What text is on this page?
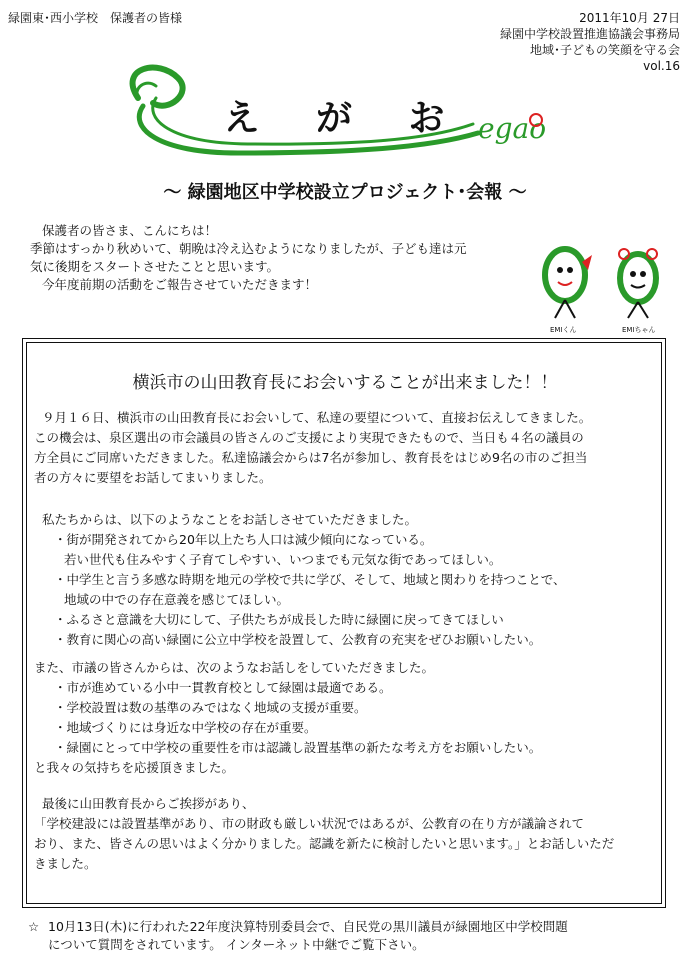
緑園東･西小学校　保護者の皆様	2011年10月 27日
緑園中学校設置推進協議会事務局
地域･子どもの笑顔を守る会
vol.16
egao
え が お
～ 緑園地区中学校設立プロジェクト･会報 ～
保護者の皆さま、こんにちは！
季節はすっかり秋めいて、朝晩は冷え込むようになりましたが、子ども達は元
気に後期をスタートさせたことと思います。
今年度前期の活動をご報告させていただきます！
EMIくん	EMIちゃん
横浜市の山田教育長にお会いすることが出来ました！！

９月１６日、横浜市の山田教育長にお会いして、私達の要望について、直接お伝えしてきました。

この機会は、泉区選出の市会議員の皆さんのご支援により実現できたもので、当日も４名の議員の

方全員にご同席いただきました。私達協議会からは7名が参加し、教育長をはじめ9名の市のご担当

者の方々に要望をお話してまいりました。

私たちからは、以下のようなことをお話しさせていただきました。

・街が開発されてから20年以上たち人口は減少傾向になっている。

若い世代も住みやすく子育てしやすい、いつまでも元気な街であってほしい。

・中学生と言う多感な時期を地元の学校で共に学び、そして、地域と関わりを持つことで、

地域の中での存在意義を感じてほしい。

・ふるさと意識を大切にして、子供たちが成長した時に緑園に戻ってきてほしい

・教育に関心の高い緑園に公立中学校を設置して、公教育の充実をぜひお願いしたい。

また、市議の皆さんからは、次のようなお話しをしていただきました。

・市が進めている小中一貫教育校として緑園は最適である。

・学校設置は数の基準のみではなく地域の支援が重要。

・地域づくりには身近な中学校の存在が重要。

・緑園にとって中学校の重要性を市は認識し設置基準の新たな考え方をお願いしたい。

と我々の気持ちを応援頂きました。

最後に山田教育長からご挨拶があり、

「学校建設には設置基準があり、市の財政も厳しい状況ではあるが、公教育の在り方が議論されて

おり、また、皆さんの思いはよく分かりました。認識を新たに検討したいと思います。」とお話しいただ

きました。

☆ 10月13日(木)に行われた22年度決算特別委員会で、自民党の黒川議員が緑園地区中学校問題
について質問をされています。 インターネット中継でご覧下さい。
